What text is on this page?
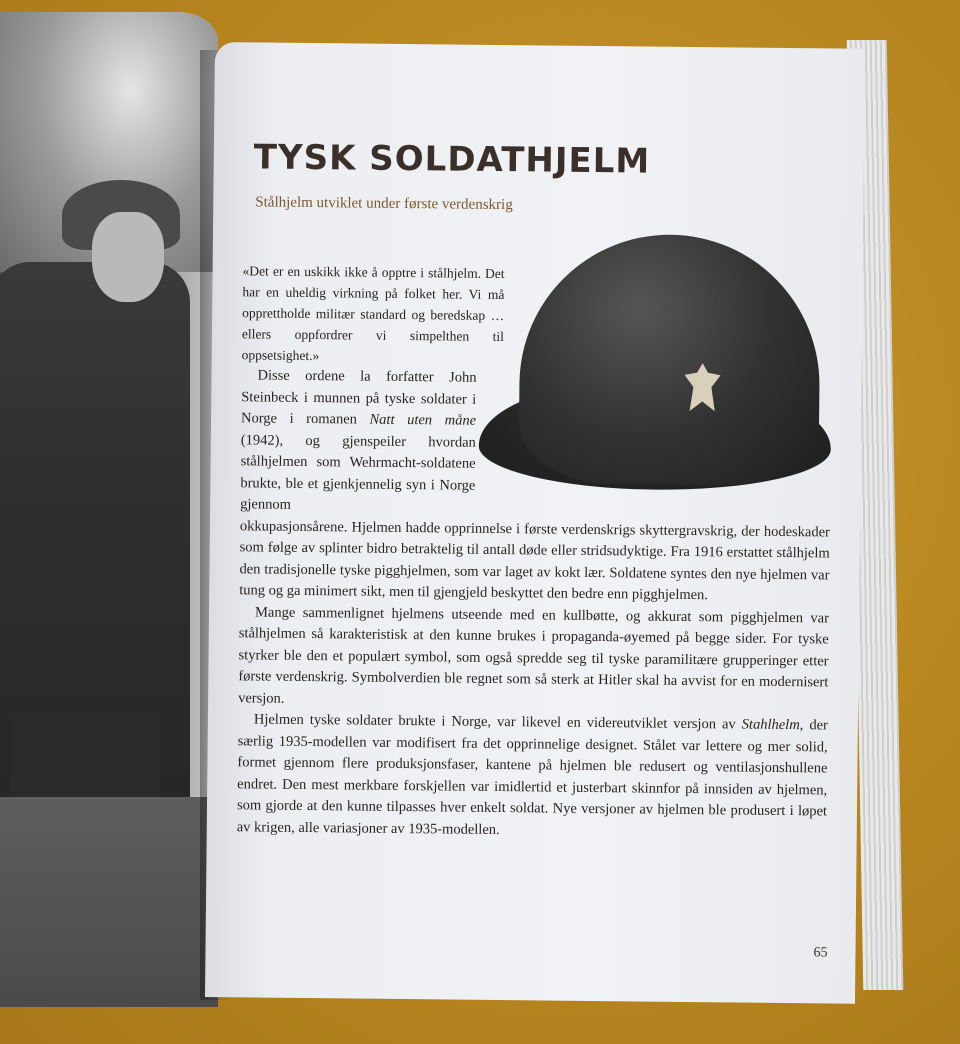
TYSK SOLDATHJELM
Stålhjelm utviklet under første verdenskrig

«Det er en uskikk ikke å opptre i stålhjelm. Det har en uheldig virkning på folket her. Vi må opprettholde militær standard og beredskap … ellers oppfordrer vi simpelthen til oppsetsighet.»

Disse ordene la forfatter John Steinbeck i munnen på tyske soldater i Norge i romanen Natt uten måne (1942), og gjenspeiler hvordan stålhjelmen som Wehrmacht-soldatene brukte, ble et gjenkjennelig syn i Norge gjennom

okkupasjonsårene. Hjelmen hadde opprinnelse i første verdenskrigs skyttergravskrig, der hodeskader som følge av splinter bidro betraktelig til antall døde eller stridsudyktige. Fra 1916 erstattet stålhjelm den tradisjonelle tyske pigghjelmen, som var laget av kokt lær. Soldatene syntes den nye hjelmen var tung og ga minimert sikt, men til gjengjeld beskyttet den bedre enn pigghjelmen.

Mange sammenlignet hjelmens utseende med en kullbøtte, og akkurat som pigghjelmen var stålhjelmen så karakteristisk at den kunne brukes i propaganda-øyemed på begge sider. For tyske styrker ble den et populært symbol, som også spredde seg til tyske paramilitære grupperinger etter første verdenskrig. Symbolverdien ble regnet som så sterk at Hitler skal ha avvist for en modernisert versjon.

Hjelmen tyske soldater brukte i Norge, var likevel en videreutviklet versjon av Stahlhelm, der særlig 1935-modellen var modifisert fra det opprinnelige designet. Stålet var lettere og mer solid, formet gjennom flere produksjonsfaser, kantene på hjelmen ble redusert og ventilasjonshullene endret. Den mest merkbare forskjellen var imidlertid et justerbart skinnfor på innsiden av hjelmen, som gjorde at den kunne tilpasses hver enkelt soldat. Nye versjoner av hjelmen ble produsert i løpet av krigen, alle variasjoner av 1935-modellen.

65
